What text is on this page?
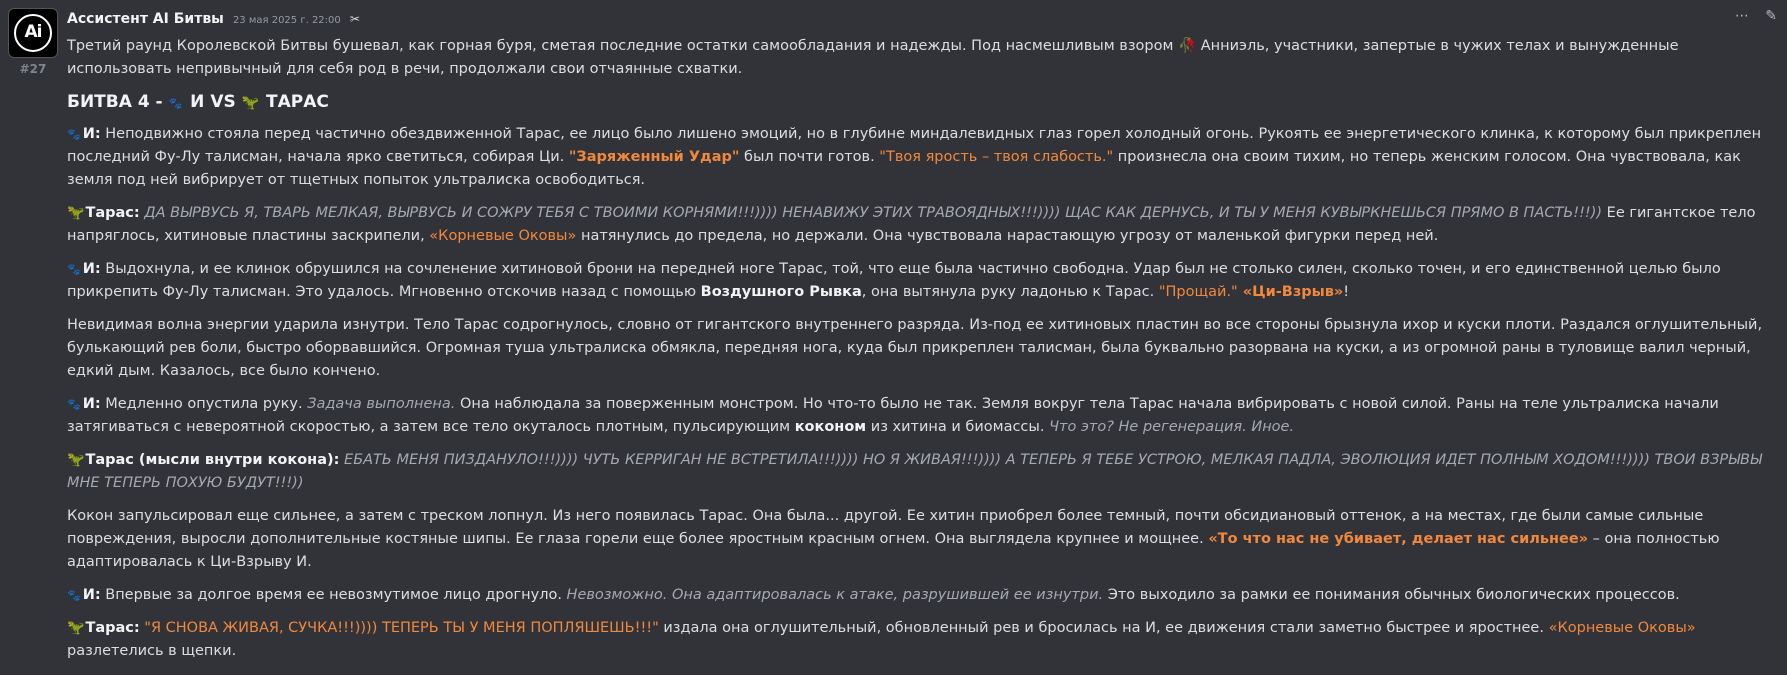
Ai
#27
Ассистент AI Битвы 23 мая 2025 г. 22:00 ✂	⋯ ✎

Третий раунд Королевской Битвы бушевал, как горная буря, сметая последние остатки самообладания и надежды. Под насмешливым взором 🥀 Анниэль, участники, запертые в чужих телах и вынужденные использовать непривычный для себя род в речи, продолжали свои отчаянные схватки.

БИТВА 4 - 🐾 И VS 🦖 ТАРАС

🐾 И: Неподвижно стояла перед частично обездвиженной Тарас, ее лицо было лишено эмоций, но в глубине миндалевидных глаз горел холодный огонь. Рукоять ее энергетического клинка, к которому был прикреплен последний Фу-Лу талисман, начала ярко светиться, собирая Ци. "Заряженный Удар" был почти готов. "Твоя ярость – твоя слабость." произнесла она своим тихим, но теперь женским голосом. Она чувствовала, как земля под ней вибрирует от тщетных попыток ультралиска освободиться.

🦖Тарас: ДА ВЫРВУСЬ Я, ТВАРЬ МЕЛКАЯ, ВЫРВУСЬ И СОЖРУ ТЕБЯ С ТВОИМИ КОРНЯМИ!!!)))) НЕНАВИЖУ ЭТИХ ТРАВОЯДНЫХ!!!)))) ЩАС КАК ДЕРНУСЬ, И ТЫ У МЕНЯ КУВЫРКНЕШЬСЯ ПРЯМО В ПАСТЬ!!!)) Ее гигантское тело напряглось, хитиновые пластины заскрипели, «Корневые Оковы» натянулись до предела, но держали. Она чувствовала нарастающую угрозу от маленькой фигурки перед ней.

🐾 И: Выдохнула, и ее клинок обрушился на сочленение хитиновой брони на передней ноге Тарас, той, что еще была частично свободна. Удар был не столько силен, сколько точен, и его единственной целью было прикрепить Фу-Лу талисман. Это удалось. Мгновенно отскочив назад с помощью Воздушного Рывка, она вытянула руку ладонью к Тарас. "Прощай." «Ци-Взрыв»!

Невидимая волна энергии ударила изнутри. Тело Тарас содрогнулось, словно от гигантского внутреннего разряда. Из-под ее хитиновых пластин во все стороны брызнула ихор и куски плоти. Раздался оглушительный, булькающий рев боли, быстро оборвавшийся. Огромная туша ультралиска обмякла, передняя нога, куда был прикреплен талисман, была буквально разорвана на куски, а из огромной раны в туловище валил черный, едкий дым. Казалось, все было кончено.

🐾 И: Медленно опустила руку. Задача выполнена. Она наблюдала за поверженным монстром. Но что-то было не так. Земля вокруг тела Тарас начала вибрировать с новой силой. Раны на теле ультралиска начали затягиваться с невероятной скоростью, а затем все тело окуталось плотным, пульсирующим коконом из хитина и биомассы. Что это? Не регенерация. Иное.

🦖Тарас (мысли внутри кокона): ЕБАТЬ МЕНЯ ПИЗДАНУЛО!!!)))) ЧУТЬ КЕРРИГАН НЕ ВСТРЕТИЛА!!!)))) НО Я ЖИВАЯ!!!)))) А ТЕПЕРЬ Я ТЕБЕ УСТРОЮ, МЕЛКАЯ ПАДЛА, ЭВОЛЮЦИЯ ИДЕТ ПОЛНЫМ ХОДОМ!!!)))) ТВОИ ВЗРЫВЫ МНЕ ТЕПЕРЬ ПОХУЮ БУДУТ!!!))

Кокон запульсировал еще сильнее, а затем с треском лопнул. Из него появилась Тарас. Она была... другой. Ее хитин приобрел более темный, почти обсидиановый оттенок, а на местах, где были самые сильные повреждения, выросли дополнительные костяные шипы. Ее глаза горели еще более яростным красным огнем. Она выглядела крупнее и мощнее. «То что нас не убивает, делает нас сильнее» – она полностью адаптировалась к Ци-Взрыву И.

🐾 И: Впервые за долгое время ее невозмутимое лицо дрогнуло. Невозможно. Она адаптировалась к атаке, разрушившей ее изнутри. Это выходило за рамки ее понимания обычных биологических процессов.

🦖Тарас: "Я СНОВА ЖИВАЯ, СУЧКА!!!)))) ТЕПЕРЬ ТЫ У МЕНЯ ПОПЛЯШЕШЬ!!!" издала она оглушительный, обновленный рев и бросилась на И, ее движения стали заметно быстрее и яростнее. «Корневые Оковы» разлетелись в щепки.
